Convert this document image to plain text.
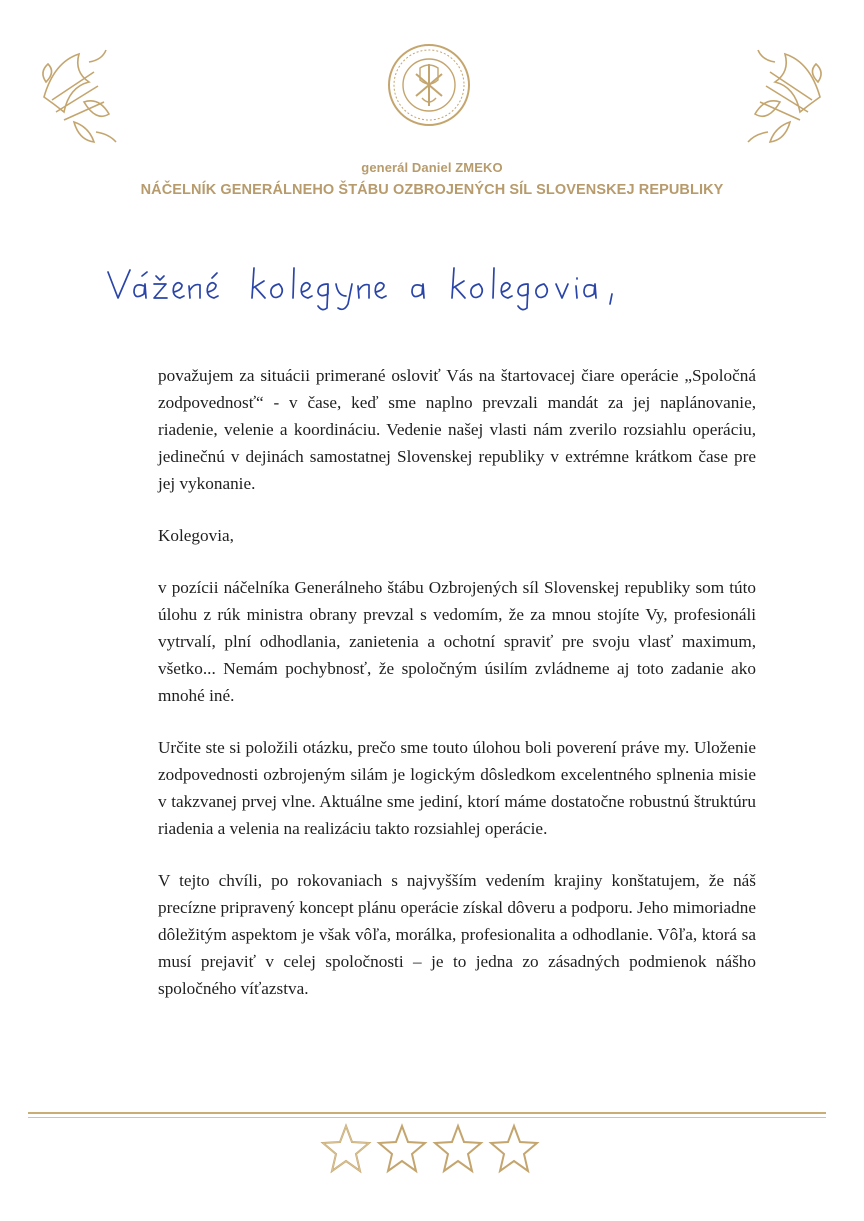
generál Daniel ZMEKO
NÁČELNÍK GENERÁLNEHO ŠTÁBU OZBROJENÝCH SÍL SLOVENSKEJ REPUBLIKY

považujem za situácii primerané osloviť Vás na štartovacej čiare operácie „Spoločná zodpovednosť“ - v čase, keď sme naplno prevzali mandát za jej naplánovanie, riadenie, velenie a koordináciu. Vedenie našej vlasti nám zverilo rozsiahlu operáciu, jedinečnú v dejinách samostatnej Slovenskej republiky v extrémne krátkom čase pre jej vykonanie.

Kolegovia,

v pozícii náčelníka Generálneho štábu Ozbrojených síl Slovenskej republiky som túto úlohu z rúk ministra obrany prevzal s vedomím, že za mnou stojíte Vy, profesionáli vytrvalí, plní odhodlania, zanietenia a ochotní spraviť pre svoju vlasť maximum, všetko... Nemám pochybnosť, že spoločným úsilím zvládneme aj toto zadanie ako mnohé iné.

Určite ste si položili otázku, prečo sme touto úlohou boli poverení práve my. Uloženie zodpovednosti ozbrojeným silám je logickým dôsledkom excelentného splnenia misie v takzvanej prvej vlne. Aktuálne sme jediní, ktorí máme dostatočne robustnú štruktúru riadenia a velenia na realizáciu takto rozsiahlej operácie.

V tejto chvíli, po rokovaniach s najvyšším vedením krajiny konštatujem, že náš precízne pripravený koncept plánu operácie získal dôveru a podporu. Jeho mimoriadne dôležitým aspektom je však vôľa, morálka, profesionalita a odhodlanie. Vôľa, ktorá sa musí prejaviť v celej spoločnosti – je to jedna zo zásadných podmienok nášho spoločného víťazstva.
